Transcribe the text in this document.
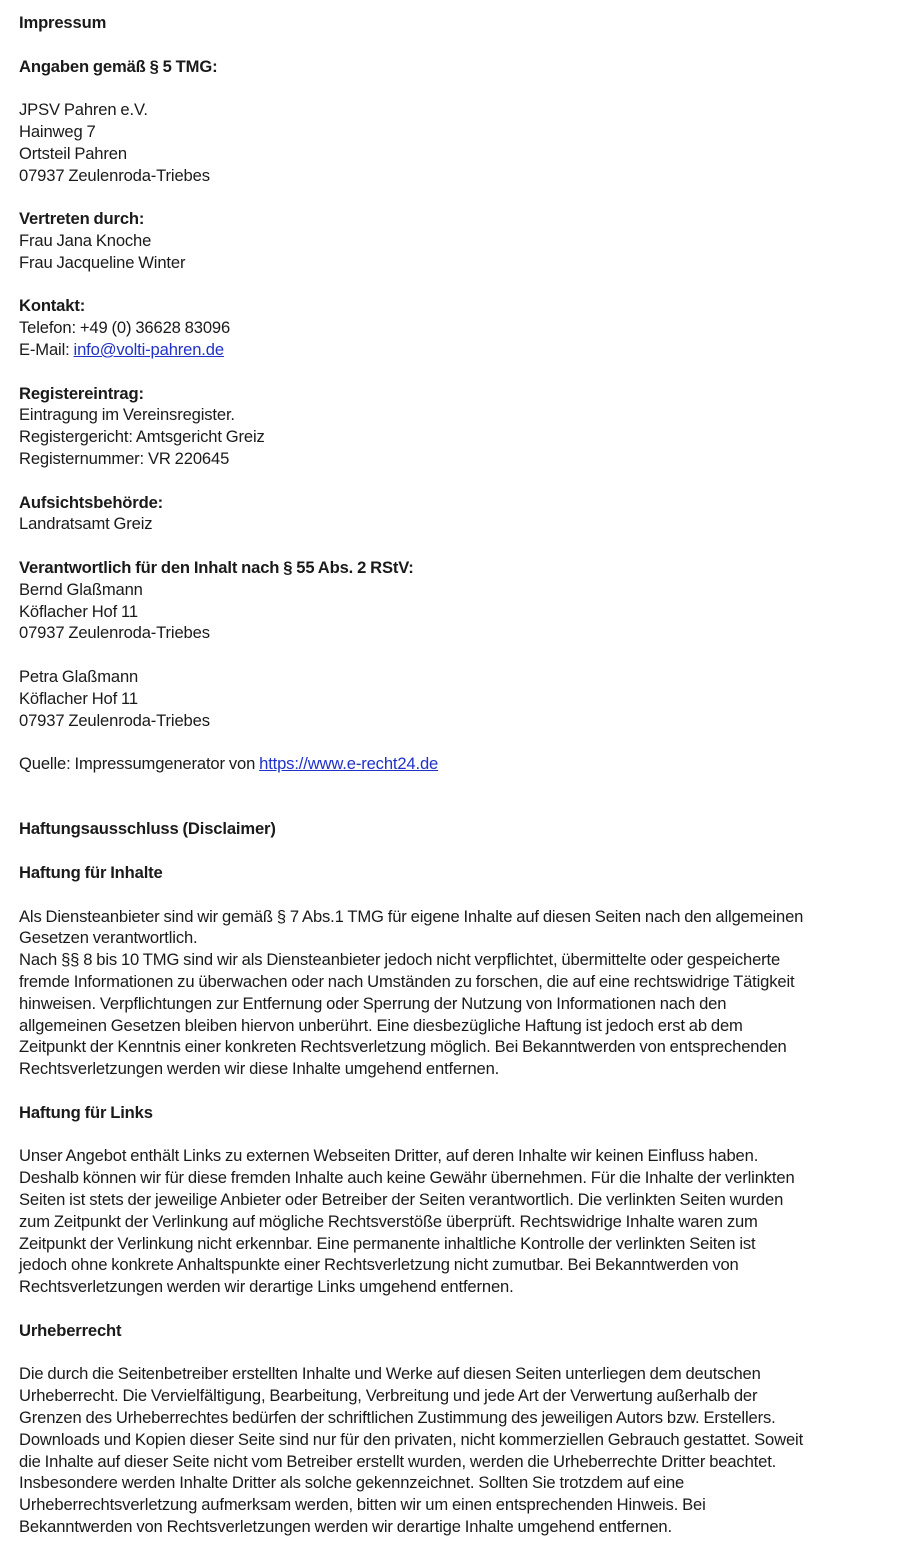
Impressum
Angaben gemäß § 5 TMG:
JPSV Pahren e.V.
Hainweg 7
Ortsteil Pahren
07937 Zeulenroda-Triebes
Vertreten durch:
Frau Jana Knoche
Frau Jacqueline Winter
Kontakt:
Telefon: +49 (0) 36628 83096
E-Mail: info@volti-pahren.de
Registereintrag:
Eintragung im Vereinsregister.
Registergericht: Amtsgericht Greiz
Registernummer: VR 220645
Aufsichtsbehörde:
Landratsamt Greiz
Verantwortlich für den Inhalt nach § 55 Abs. 2 RStV:
Bernd Glaßmann
Köflacher Hof 11
07937 Zeulenroda-Triebes
Petra Glaßmann
Köflacher Hof 11
07937 Zeulenroda-Triebes
Quelle: Impressumgenerator von https://www.e-recht24.de
Haftungsausschluss (Disclaimer)
Haftung für Inhalte
Als Diensteanbieter sind wir gemäß § 7 Abs.1 TMG für eigene Inhalte auf diesen Seiten nach den allgemeinen
Gesetzen verantwortlich.
Nach §§ 8 bis 10 TMG sind wir als Diensteanbieter jedoch nicht verpflichtet, übermittelte oder gespeicherte
fremde Informationen zu überwachen oder nach Umständen zu forschen, die auf eine rechtswidrige Tätigkeit
hinweisen. Verpflichtungen zur Entfernung oder Sperrung der Nutzung von Informationen nach den
allgemeinen Gesetzen bleiben hiervon unberührt. Eine diesbezügliche Haftung ist jedoch erst ab dem
Zeitpunkt der Kenntnis einer konkreten Rechtsverletzung möglich. Bei Bekanntwerden von entsprechenden
Rechtsverletzungen werden wir diese Inhalte umgehend entfernen.
Haftung für Links
Unser Angebot enthält Links zu externen Webseiten Dritter, auf deren Inhalte wir keinen Einfluss haben.
Deshalb können wir für diese fremden Inhalte auch keine Gewähr übernehmen. Für die Inhalte der verlinkten
Seiten ist stets der jeweilige Anbieter oder Betreiber der Seiten verantwortlich. Die verlinkten Seiten wurden
zum Zeitpunkt der Verlinkung auf mögliche Rechtsverstöße überprüft. Rechtswidrige Inhalte waren zum
Zeitpunkt der Verlinkung nicht erkennbar. Eine permanente inhaltliche Kontrolle der verlinkten Seiten ist
jedoch ohne konkrete Anhaltspunkte einer Rechtsverletzung nicht zumutbar. Bei Bekanntwerden von
Rechtsverletzungen werden wir derartige Links umgehend entfernen.
Urheberrecht
Die durch die Seitenbetreiber erstellten Inhalte und Werke auf diesen Seiten unterliegen dem deutschen
Urheberrecht. Die Vervielfältigung, Bearbeitung, Verbreitung und jede Art der Verwertung außerhalb der
Grenzen des Urheberrechtes bedürfen der schriftlichen Zustimmung des jeweiligen Autors bzw. Erstellers.
Downloads und Kopien dieser Seite sind nur für den privaten, nicht kommerziellen Gebrauch gestattet. Soweit
die Inhalte auf dieser Seite nicht vom Betreiber erstellt wurden, werden die Urheberrechte Dritter beachtet.
Insbesondere werden Inhalte Dritter als solche gekennzeichnet. Sollten Sie trotzdem auf eine
Urheberrechtsverletzung aufmerksam werden, bitten wir um einen entsprechenden Hinweis. Bei
Bekanntwerden von Rechtsverletzungen werden wir derartige Inhalte umgehend entfernen.
